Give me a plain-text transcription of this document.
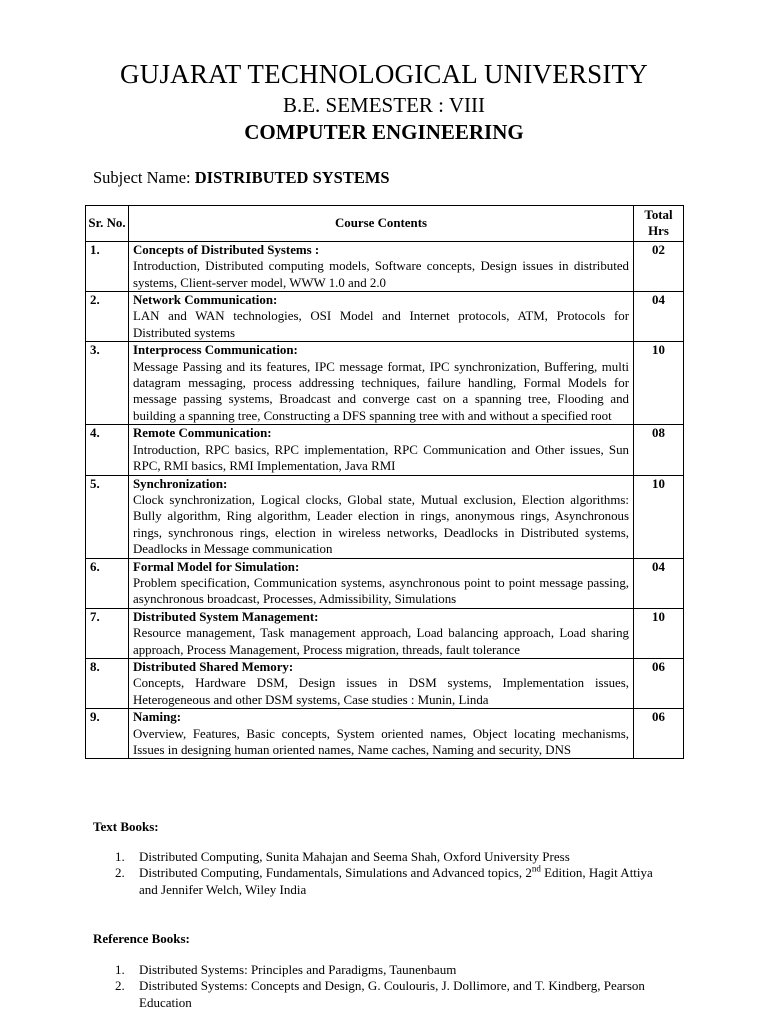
GUJARAT TECHNOLOGICAL UNIVERSITY
B.E. SEMESTER : VIII
COMPUTER ENGINEERING
Subject Name: DISTRIBUTED SYSTEMS
Sr. No.	Course Contents	Total Hrs
1.	Concepts of Distributed Systems :
Introduction, Distributed computing models, Software concepts, Design issues in distributed systems, Client-server model, WWW 1.0 and 2.0	02
2.	Network Communication:
LAN and WAN technologies, OSI Model and Internet protocols, ATM, Protocols for Distributed systems	04
3.	Interprocess Communication:
Message Passing and its features, IPC message format, IPC synchronization, Buffering, multi datagram messaging, process addressing techniques, failure handling, Formal Models for message passing systems, Broadcast and converge cast on a spanning tree, Flooding and building a spanning tree, Constructing a DFS spanning tree with and without a specified root	10
4.	Remote Communication:
Introduction, RPC basics, RPC implementation, RPC Communication and Other issues, Sun RPC, RMI basics, RMI Implementation, Java RMI	08
5.	Synchronization:
Clock synchronization, Logical clocks, Global state, Mutual exclusion, Election algorithms: Bully algorithm, Ring algorithm, Leader election in rings, anonymous rings, Asynchronous rings, synchronous rings, election in wireless networks, Deadlocks in Distributed systems, Deadlocks in Message communication	10
6.	Formal Model for Simulation:
Problem specification, Communication systems, asynchronous point to point message passing, asynchronous broadcast, Processes, Admissibility, Simulations	04
7.	Distributed System Management:
Resource management, Task management approach, Load balancing approach, Load sharing approach, Process Management, Process migration, threads, fault tolerance	10
8.	Distributed Shared Memory:
Concepts, Hardware DSM, Design issues in DSM systems, Implementation issues, Heterogeneous and other DSM systems, Case studies : Munin, Linda	06
9.	Naming:
Overview, Features, Basic concepts, System oriented names, Object locating mechanisms, Issues in designing human oriented names, Name caches, Naming and security, DNS	06
Text Books:
1. Distributed Computing, Sunita Mahajan and Seema Shah, Oxford University Press
2. Distributed Computing, Fundamentals, Simulations and Advanced topics, 2nd Edition, Hagit Attiya and Jennifer Welch, Wiley India
Reference Books:
1. Distributed Systems: Principles and Paradigms, Taunenbaum
2. Distributed Systems: Concepts and Design, G. Coulouris, J. Dollimore, and T. Kindberg, Pearson Education
